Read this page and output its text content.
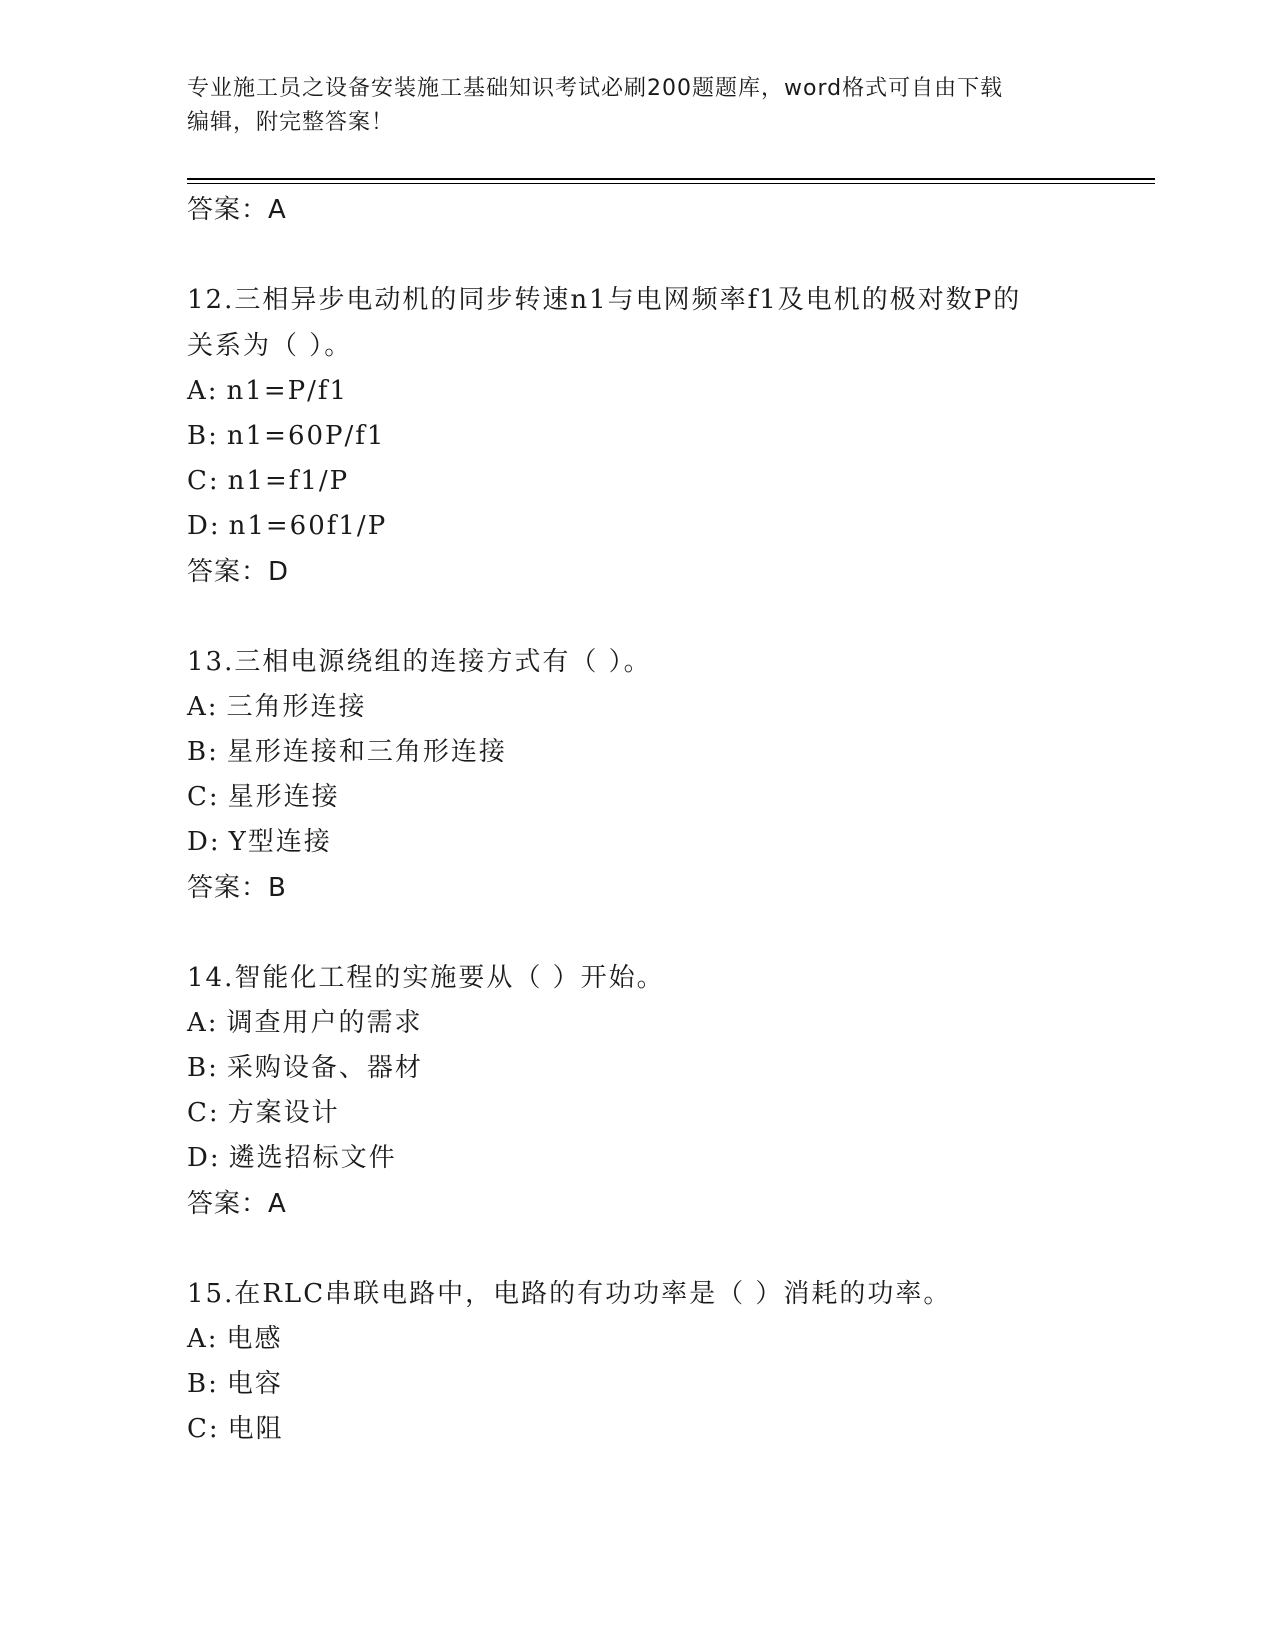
专业施工员之设备安装施工基础知识考试必刷200题题库，word格式可自由下载
编辑，附完整答案！
答案：A
12.三相异步电动机的同步转速n1与电网频率f1及电机的极对数P的
关系为（ ）。
A: n1=P/f1
B: n1=60P/f1
C: n1=f1/P
D: n1=60f1/P
答案：D
13.三相电源绕组的连接方式有（ ）。
A: 三角形连接
B: 星形连接和三角形连接
C: 星形连接
D: Y型连接
答案：B
14.智能化工程的实施要从（ ）开始。
A: 调查用户的需求
B: 采购设备、器材
C: 方案设计
D: 遴选招标文件
答案：A
15.在RLC串联电路中，电路的有功功率是（ ）消耗的功率。
A: 电感
B: 电容
C: 电阻
